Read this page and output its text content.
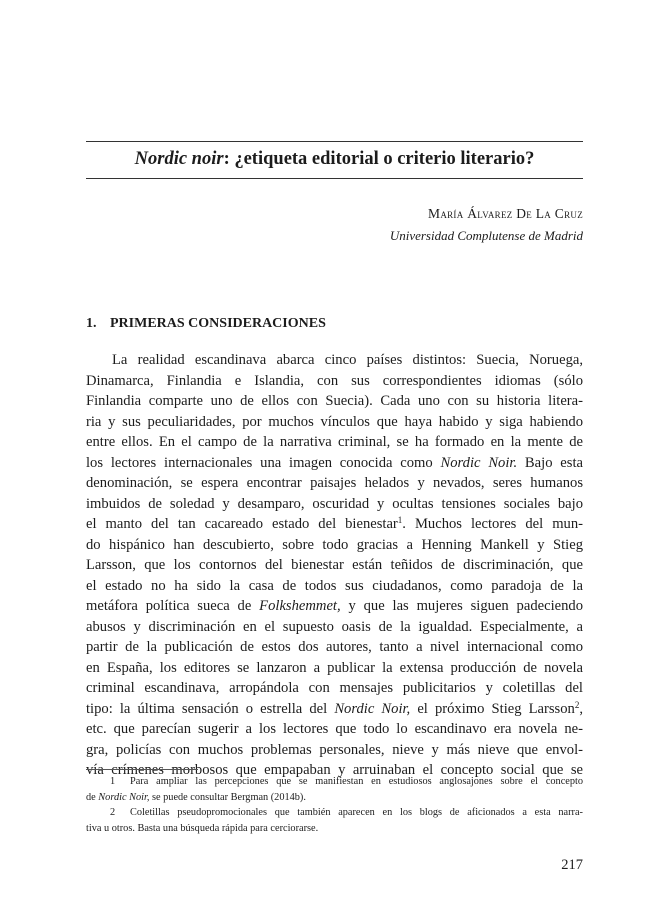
Nordic noir: ¿etiqueta editorial o criterio literario?
María Álvarez De La Cruz
Universidad Complutense de Madrid
1. PRIMERAS CONSIDERACIONES
La realidad escandinava abarca cinco países distintos: Suecia, Noruega,
Dinamarca, Finlandia e Islandia, con sus correspondientes idiomas (sólo
Finlandia comparte uno de ellos con Suecia). Cada uno con su historia litera-
ria y sus peculiaridades, por muchos vínculos que haya habido y siga habiendo
entre ellos. En el campo de la narrativa criminal, se ha formado en la mente de
los lectores internacionales una imagen conocida como Nordic Noir. Bajo esta
denominación, se espera encontrar paisajes helados y nevados, seres humanos
imbuidos de soledad y desamparo, oscuridad y ocultas tensiones sociales bajo
el manto del tan cacareado estado del bienestar$^1$. Muchos lectores del mun-
do hispánico han descubierto, sobre todo gracias a Henning Mankell y Stieg
Larsson, que los contornos del bienestar están teñidos de discriminación, que
el estado no ha sido la casa de todos sus ciudadanos, como paradoja de la
metáfora política sueca de Folkshemmet, y que las mujeres siguen padeciendo
abusos y discriminación en el supuesto oasis de la igualdad. Especialmente, a
partir de la publicación de estos dos autores, tanto a nivel internacional como
en España, los editores se lanzaron a publicar la extensa producción de novela
criminal escandinava, arropándola con mensajes publicitarios y coletillas del
tipo: la última sensación o estrella del Nordic Noir, el próximo Stieg Larsson$^2$,
etc. que parecían sugerir a los lectores que todo lo escandinavo era novela ne-
gra, policías con muchos problemas personales, nieve y más nieve que envol-
vía crímenes morbosos que empapaban y arruinaban el concepto social que se
1 Para ampliar las percepciones que se manifiestan en estudiosos anglosajones sobre el concepto
de Nordic Noir, se puede consultar Bergman (2014b).
2 Coletillas pseudopromocionales que también aparecen en los blogs de aficionados a esta narra-
tiva u otros. Basta una búsqueda rápida para cerciorarse.
217
